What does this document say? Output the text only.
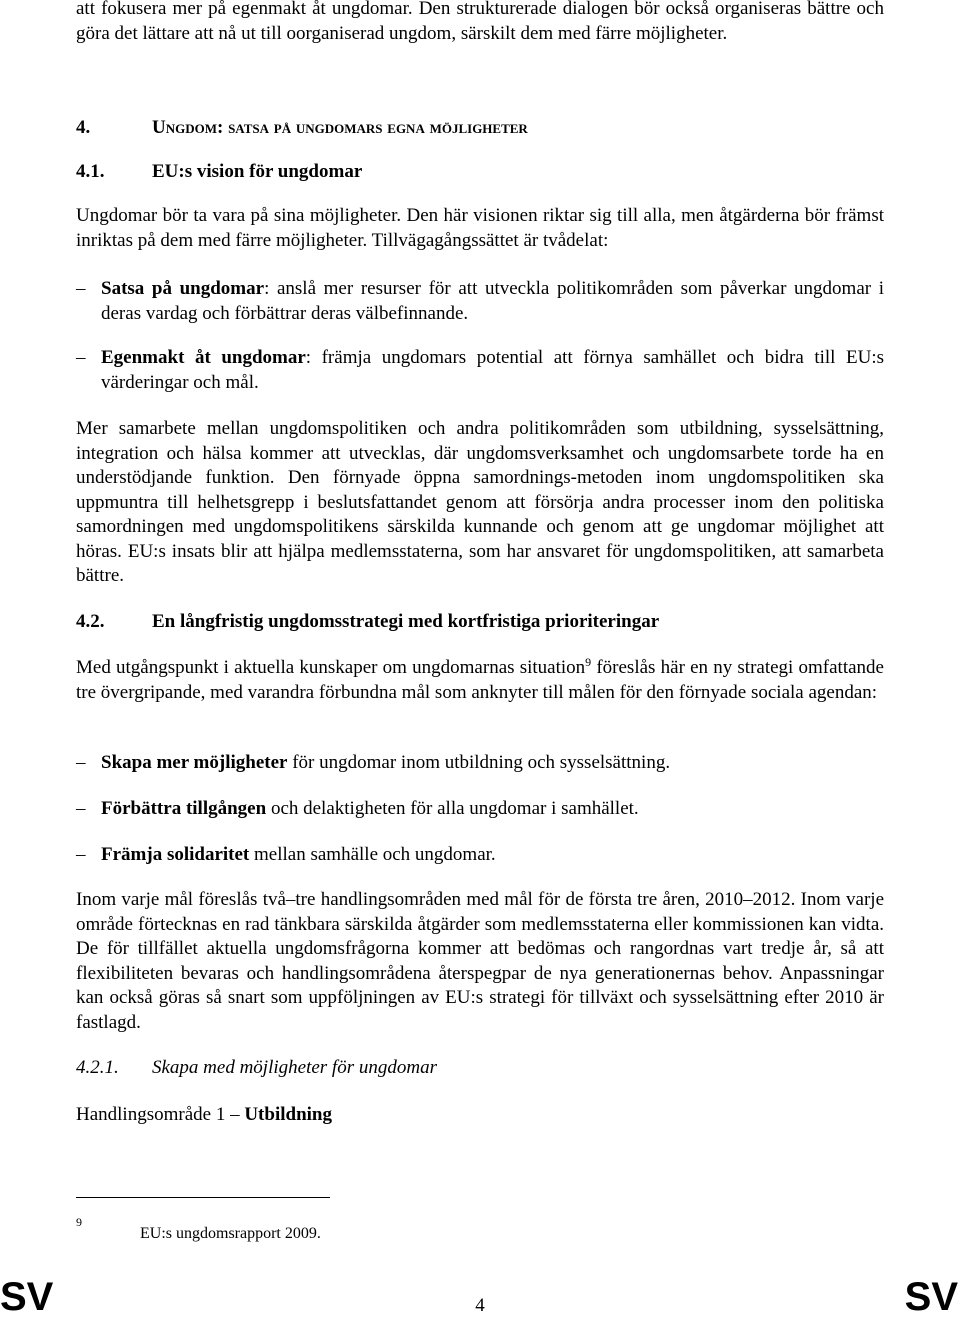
att fokusera mer på egenmakt åt ungdomar. Den strukturerade dialogen bör också organiseras bättre och göra det lättare att nå ut till oorganiserad ungdom, särskilt dem med färre möjligheter.
4.	Ungdom: satsa på ungdomars egna möjligheter
4.1.	EU:s vision för ungdomar
Ungdomar bör ta vara på sina möjligheter. Den här visionen riktar sig till alla, men åtgärderna bör främst inriktas på dem med färre möjligheter. Tillvägagångssättet är tvådelat:
– Satsa på ungdomar: anslå mer resurser för att utveckla politikområden som påverkar ungdomar i deras vardag och förbättrar deras välbefinnande.
– Egenmakt åt ungdomar: främja ungdomars potential att förnya samhället och bidra till EU:s värderingar och mål.
Mer samarbete mellan ungdomspolitiken och andra politikområden som utbildning, sysselsättning, integration och hälsa kommer att utvecklas, där ungdomsverksamhet och ungdomsarbete torde ha en understödjande funktion. Den förnyade öppna samordnings-metoden inom ungdomspolitiken ska uppmuntra till helhetsgrepp i beslutsfattandet genom att försörja andra processer inom den politiska samordningen med ungdomspolitikens särskilda kunnande och genom att ge ungdomar möjlighet att höras. EU:s insats blir att hjälpa medlemsstaterna, som har ansvaret för ungdomspolitiken, att samarbeta bättre.
4.2.	En långfristig ungdomsstrategi med kortfristiga prioriteringar
Med utgångspunkt i aktuella kunskaper om ungdomarnas situation$^9$ föreslås här en ny strategi omfattande tre övergripande, med varandra förbundna mål som anknyter till målen för den förnyade sociala agendan:
– Skapa mer möjligheter för ungdomar inom utbildning och sysselsättning.
– Förbättra tillgången och delaktigheten för alla ungdomar i samhället.
– Främja solidaritet mellan samhälle och ungdomar.
Inom varje mål föreslås två–tre handlingsområden med mål för de första tre åren, 2010–2012. Inom varje område förtecknas en rad tänkbara särskilda åtgärder som medlemsstaterna eller kommissionen kan vidta. De för tillfället aktuella ungdomsfrågorna kommer att bedömas och rangordnas vart tredje år, så att flexibiliteten bevaras och handlingsområdena återspegpar de nya generationernas behov. Anpassningar kan också göras så snart som uppföljningen av EU:s strategi för tillväxt och sysselsättning efter 2010 är fastlagd.
4.2.1. Skapa med möjligheter för ungdomar
Handlingsområde 1 – Utbildning
9
EU:s ungdomsrapport 2009.
SV	4	SV
